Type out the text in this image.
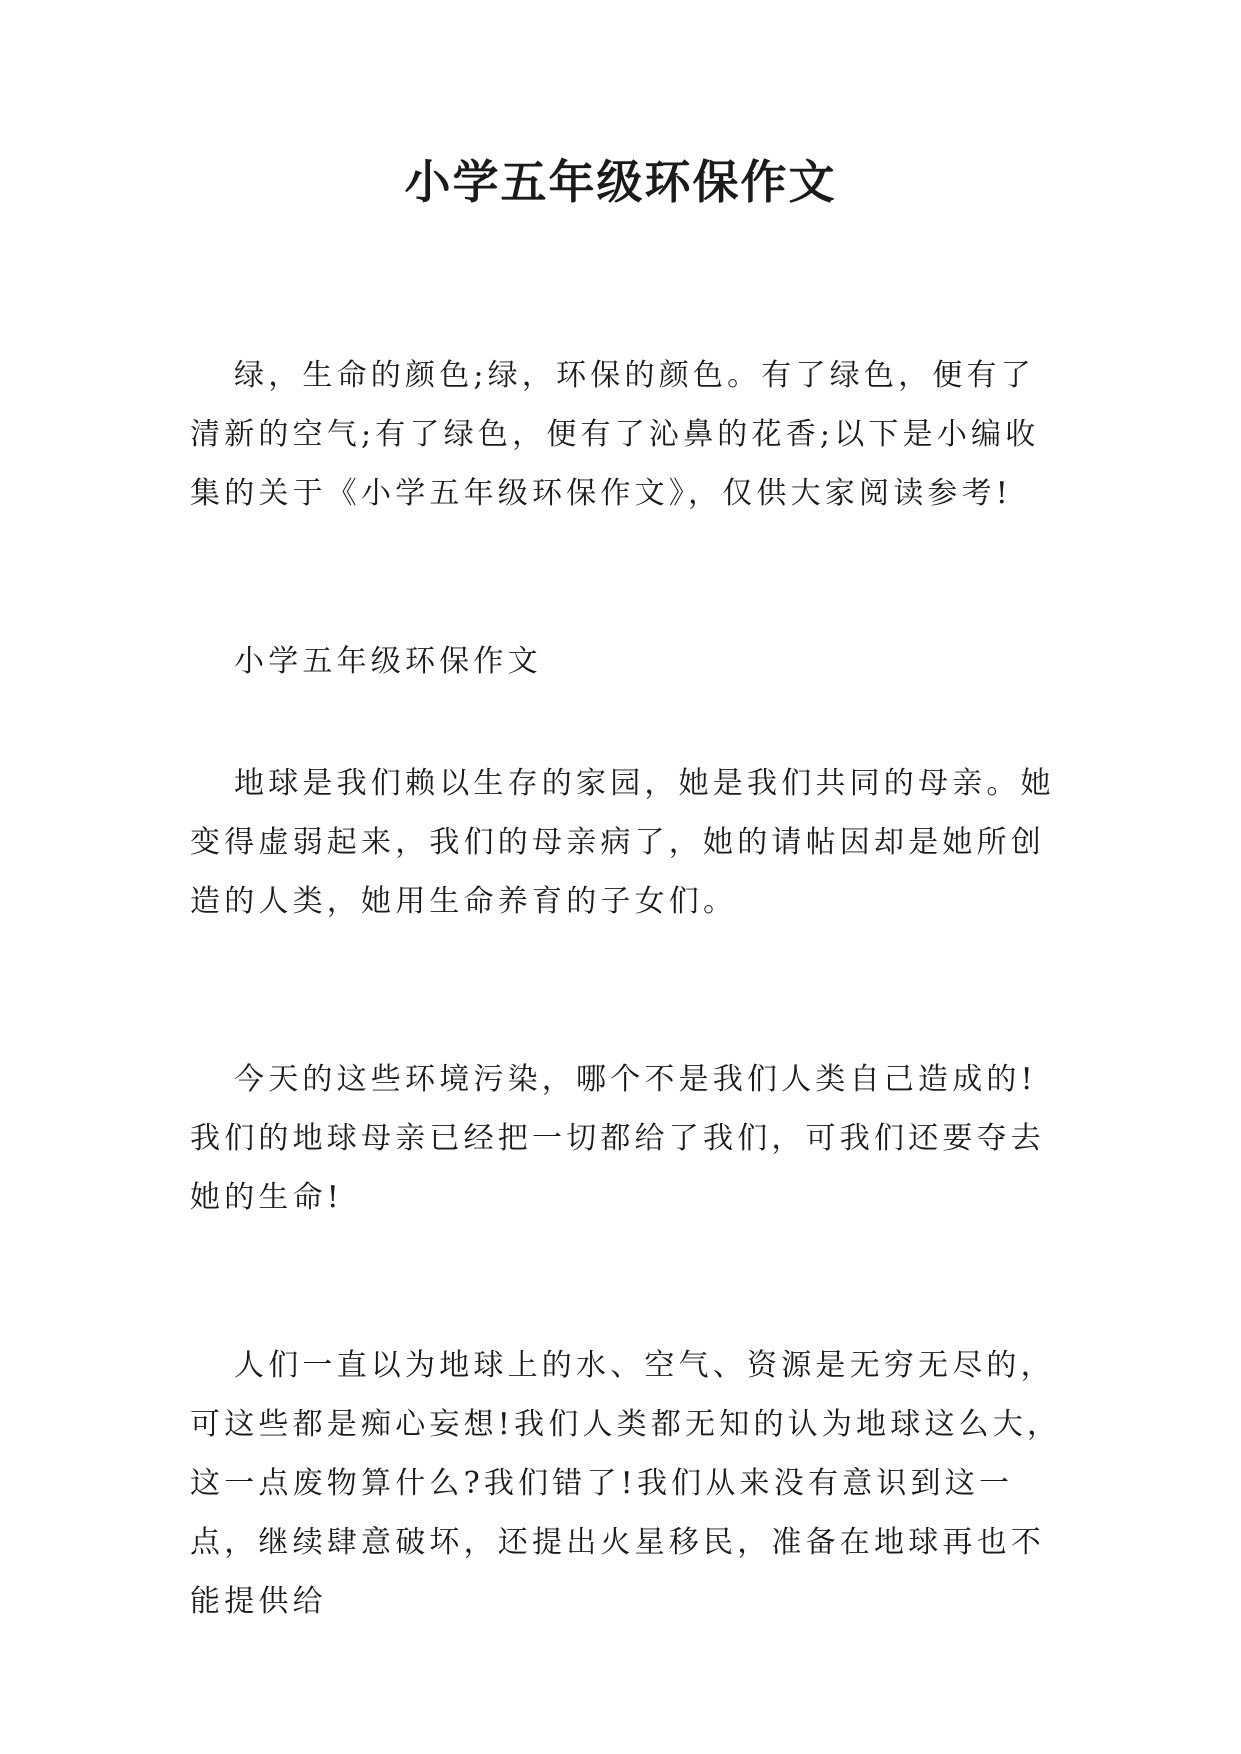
小学五年级环保作文

绿，生命的颜色;绿，环保的颜色。有了绿色，便有了清新的空气;有了绿色，便有了沁鼻的花香;以下是小编收集的关于《小学五年级环保作文》，仅供大家阅读参考!

小学五年级环保作文

地球是我们赖以生存的家园，她是我们共同的母亲。她变得虚弱起来，我们的母亲病了，她的请帖因却是她所创造的人类，她用生命养育的子女们。

今天的这些环境污染，哪个不是我们人类自己造成的!我们的地球母亲已经把一切都给了我们，可我们还要夺去她的生命!

人们一直以为地球上的水、空气、资源是无穷无尽的，可这些都是痴心妄想!我们人类都无知的认为地球这么大，这一点废物算什么?我们错了!我们从来没有意识到这一点，继续肆意破坏，还提出火星移民，准备在地球再也不能提供给
